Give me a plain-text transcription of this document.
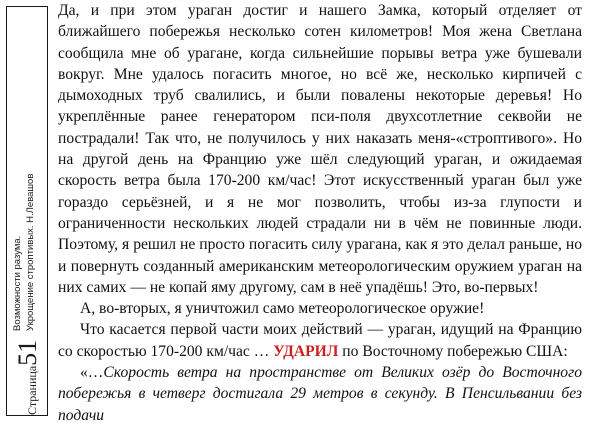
Страница51
Возможности разума. Укрощение строптивых. Н.Левашов

Да, и при этом ураган достиг и нашего Замка, который отделяет от ближайшего побережья несколько сотен километров! Моя жена Светлана сообщила мне об урагане, когда сильнейшие порывы ветра уже бушевали вокруг. Мне удалось погасить многое, но всё же, несколько кирпичей с дымоходных труб свалились, и были повалены некоторые деревья! Но укреплённые ранее генератором пси-поля двухсотлетние секвойи не пострадали! Так что, не получилось у них наказать меня-«строптивого». Но на другой день на Францию уже шёл следующий ураган, и ожидаемая скорость ветра была 170-200 км/час! Этот искусственный ураган был уже гораздо серьёзней, и я не мог позволить, чтобы из-за глупости и ограниченности нескольких людей страдали ни в чём не повинные люди. Поэтому, я решил не просто погасить силу урагана, как я это делал раньше, но и повернуть созданный американским метеорологическим оружием ураган на них самих — не копай яму другому, сам в неё упадёшь! Это, во-первых!

А, во-вторых, я уничтожил само метеорологическое оружие!

Что касается первой части моих действий — ураган, идущий на Францию со скоростью 170-200 км/час … УДАРИЛ по Восточному побережью США:

«…Скорость ветра на пространстве от Великих озёр до Восточного побережья в четверг достигала 29 метров в секунду. В Пенсильвании без подачи
